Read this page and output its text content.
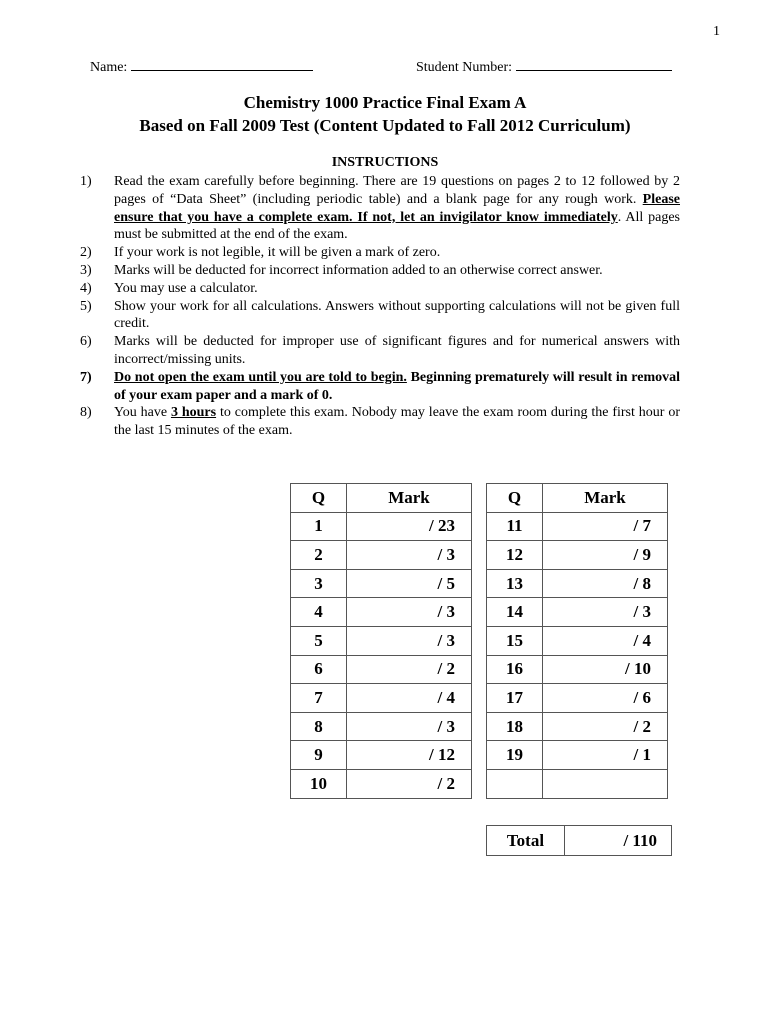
1
Name:	Student Number:
Chemistry 1000 Practice Final Exam A
Based on Fall 2009 Test (Content Updated to Fall 2012 Curriculum)
INSTRUCTIONS
1) Read the exam carefully before beginning. There are 19 questions on pages 2 to 12 followed by 2 pages of “Data Sheet” (including periodic table) and a blank page for any rough work. Please ensure that you have a complete exam. If not, let an invigilator know immediately. All pages must be submitted at the end of the exam.
2) If your work is not legible, it will be given a mark of zero.
3) Marks will be deducted for incorrect information added to an otherwise correct answer.
4) You may use a calculator.
5) Show your work for all calculations. Answers without supporting calculations will not be given full credit.
6) Marks will be deducted for improper use of significant figures and for numerical answers with incorrect/missing units.
7) Do not open the exam until you are told to begin. Beginning prematurely will result in removal of your exam paper and a mark of 0.
8) You have 3 hours to complete this exam. Nobody may leave the exam room during the first hour or the last 15 minutes of the exam.
Q	Mark
1	/ 23
2	/ 3
3	/ 5
4	/ 3
5	/ 3
6	/ 2
7	/ 4
8	/ 3
9	/ 12
10	/ 2
Q	Mark
11	/ 7
12	/ 9
13	/ 8
14	/ 3
15	/ 4
16	/ 10
17	/ 6
18	/ 2
19	/ 1

Total	/ 110
